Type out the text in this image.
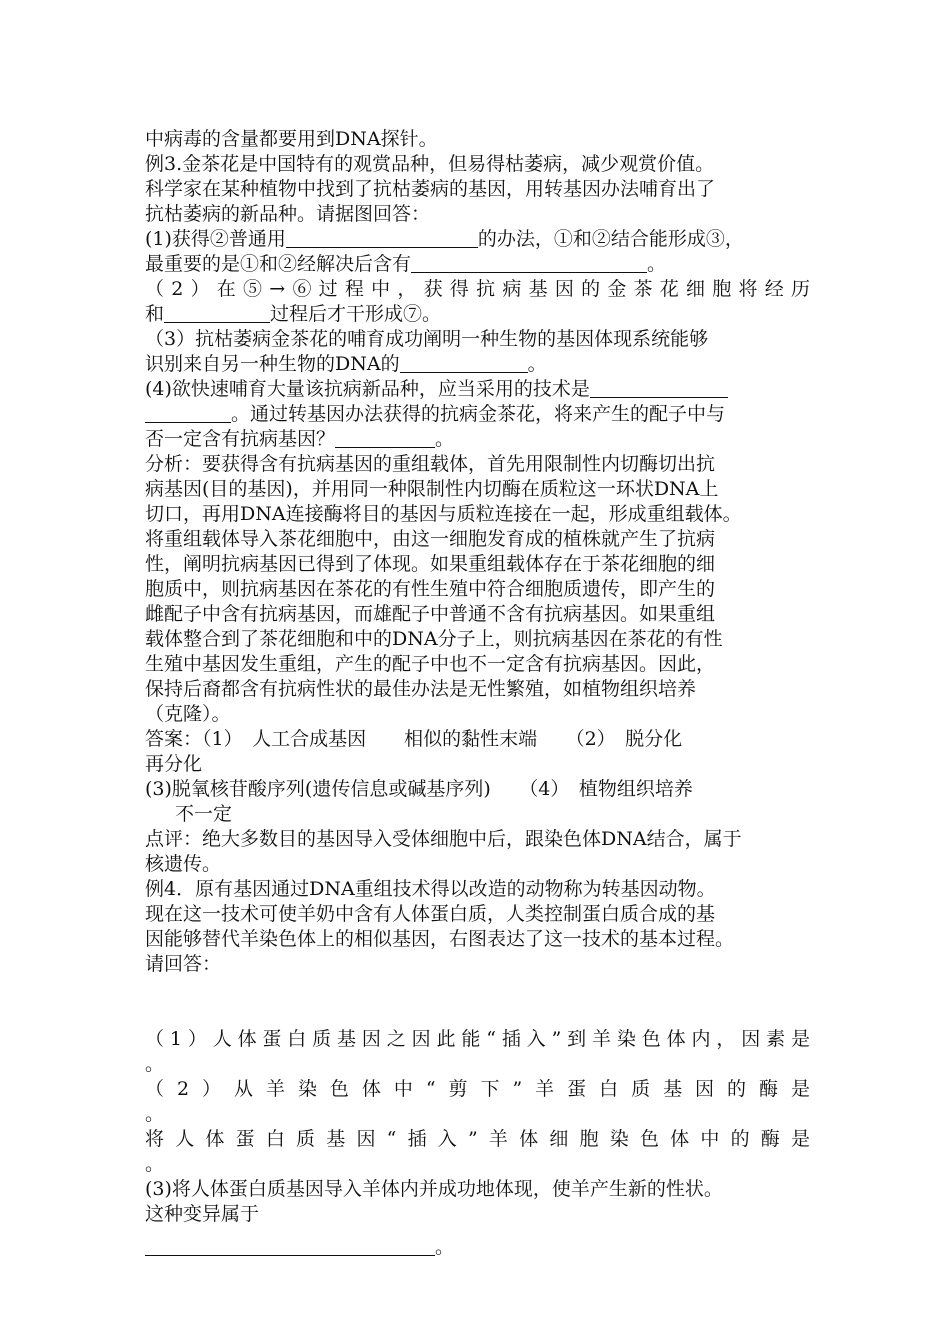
中病毒的含量都要用到DNA探针。
例3.金茶花是中国特有的观赏品种，但易得枯萎病，减少观赏价值。
科学家在某种植物中找到了抗枯萎病的基因，用转基因办法哺育出了
抗枯萎病的新品种。请据图回答：
(1)获得②普通用	的办法，①和②结合能形成③，
最重要的是①和②经解决后含有	。
（2）在⑤→⑥过程中，获得抗病基因的金茶花细胞将经历
和	过程后才干形成⑦。
（3）抗枯萎病金茶花的哺育成功阐明一种生物的基因体现系统能够
识别来自另一种生物的DNA的	。
(4)欲快速哺育大量该抗病新品种，应当采用的技术是
。通过转基因办法获得的抗病金茶花，将来产生的配子中与
否一定含有抗病基因？	。
分析：要获得含有抗病基因的重组载体，首先用限制性内切酶切出抗
病基因(目的基因)，并用同一种限制性内切酶在质粒这一环状DNA上
切口，再用DNA连接酶将目的基因与质粒连接在一起，形成重组载体。
将重组载体导入茶花细胞中，由这一细胞发育成的植株就产生了抗病
性，阐明抗病基因已得到了体现。如果重组载体存在于茶花细胞的细
胞质中，则抗病基因在茶花的有性生殖中符合细胞质遗传，即产生的
雌配子中含有抗病基因，而雄配子中普通不含有抗病基因。如果重组
载体整合到了茶花细胞和中的DNA分子上，则抗病基因在茶花的有性
生殖中基因发生重组，产生的配子中也不一定含有抗病基因。因此，
保持后裔都含有抗病性状的最佳办法是无性繁殖，如植物组织培养
（克隆）。
答案：（1）　人工合成基因　　相似的黏性末端　　（2）　脱分化
再分化
(3)脱氧核苷酸序列(遗传信息或碱基序列)　　（4）　植物组织培养
不一定
点评：绝大多数目的基因导入受体细胞中后，跟染色体DNA结合，属于
核遗传。
例4．原有基因通过DNA重组技术得以改造的动物称为转基因动物。
现在这一技术可使羊奶中含有人体蛋白质，人类控制蛋白质合成的基
因能够替代羊染色体上的相似基因，右图表达了这一技术的基本过程。
请回答：
（1）人体蛋白质基因之因此能“插入”到羊染色体内，因素是
。
（2）从羊染色体中“剪下”羊蛋白质基因的酶是
。
将人体蛋白质基因“插入”羊体细胞染色体中的酶是
。
(3)将人体蛋白质基因导入羊体内并成功地体现，使羊产生新的性状。
这种变异属于
。
